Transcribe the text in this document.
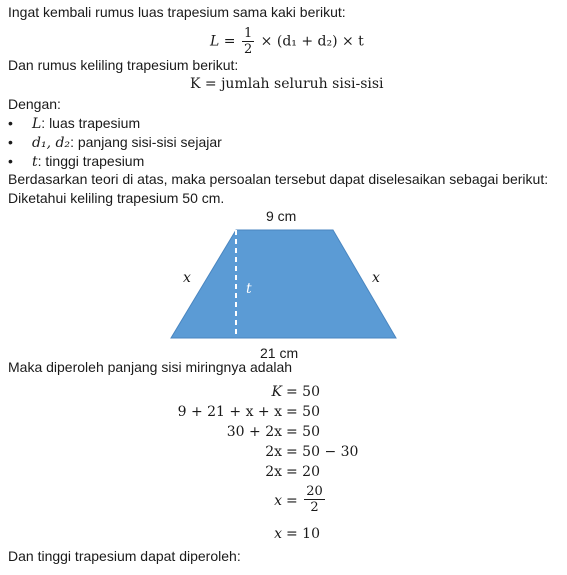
Ingat kembali rumus luas trapesium sama kaki berikut:
$L = \frac{1}{2} \times (d_1 + d_2) \times t$
Dan rumus keliling trapesium berikut:
K = jumlah seluruh sisi-sisi
Dengan:
• L: luas trapesium
• d₁, d₂: panjang sisi-sisi sejajar
• t: tinggi trapesium
Berdasarkan teori di atas, maka persoalan tersebut dapat diselesaikan sebagai berikut:
Diketahui keliling trapesium 50 cm.
9 cm
21 cm
x	x
t
Maka diperoleh panjang sisi miringnya adalah
K = 50
9 + 21 + x + x = 50
30 + 2x = 50
2x = 50 − 30
2x = 20
$x = \frac{20}{2}$
x = 10
Dan tinggi trapesium dapat diperoleh:
